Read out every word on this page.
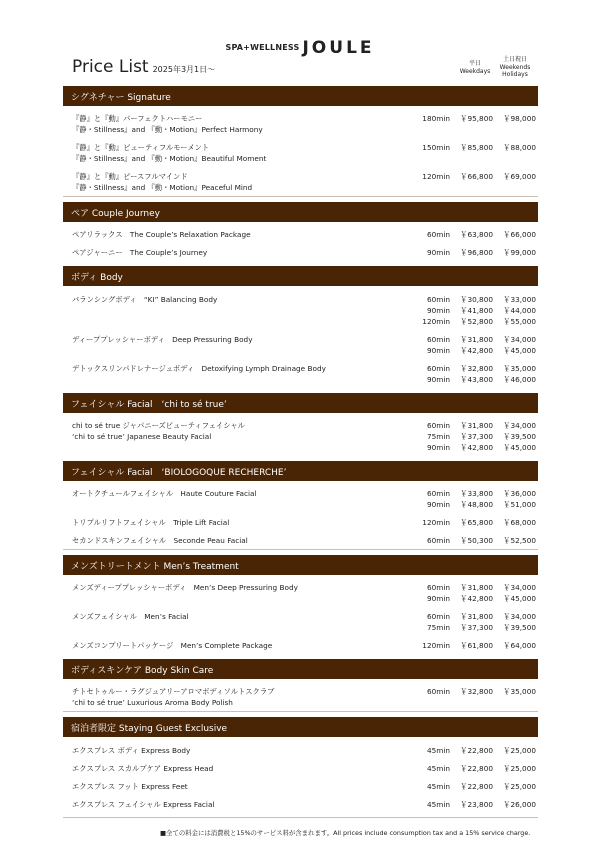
SPA+WELLNESS JOULE
Price List 2025年3月1日～
平日
Weekdays
土日祝日
Weekends
Holidays
シグネチャー Signature
『静』と『動』パーフェクトハーモニー
『静・Stillness』and 『動・Motion』Perfect Harmony
180min ￥95,800 ￥98,000
『静』と『動』ビューティフルモーメント
『静・Stillness』and 『動・Motion』Beautiful Moment
150min ￥85,800 ￥88,000
『静』と『動』ピースフルマインド
『静・Stillness』and 『動・Motion』Peaceful Mind
120min ￥66,800 ￥69,000
ペア Couple Journey
ペアリラックス　The Couple’s Relaxation Package	60min ￥63,800 ￥66,000
ペアジャーニー　The Couple’s Journey	90min ￥96,800 ￥99,000
ボディ Body
バランシングボディ　“KI” Balancing Body	60min ￥30,800 ￥33,000
90min ￥41,800 ￥44,000
120min ￥52,800 ￥55,000
ディーププレッシャーボディ　Deep Pressuring Body	60min ￥31,800 ￥34,000
90min ￥42,800 ￥45,000
デトックスリンパドレナージュボディ　Detoxifying Lymph Drainage Body	60min ￥32,800 ￥35,000
90min ￥43,800 ￥46,000
フェイシャル Facial　‘chi to sé true’
chi to sé true ジャパニーズビューティフェイシャル
‘chi to sé true’ Japanese Beauty Facial
60min ￥31,800 ￥34,000
75min ￥37,300 ￥39,500
90min ￥42,800 ￥45,000
フェイシャル Facial　‘BIOLOGOQUE RECHERCHE’
オートクチュールフェイシャル　Haute Couture Facial	60min ￥33,800 ￥36,000
90min ￥48,800 ￥51,000
トリプルリフトフェイシャル　Triple Lift Facial	120min ￥65,800 ￥68,000
セカンドスキンフェイシャル　Seconde Peau Facial	60min ￥50,300 ￥52,500
メンズトリートメント Men’s Treatment
メンズディーププレッシャーボディ　Men’s Deep Pressuring Body	60min ￥31,800 ￥34,000
90min ￥42,800 ￥45,000
メンズフェイシャル　Men’s Facial	60min ￥31,800 ￥34,000
75min ￥37,300 ￥39,500
メンズコンプリートパッケージ　Men’s Complete Package	120min ￥61,800 ￥64,000
ボディスキンケア Body Skin Care
チトセトゥルー・ラグジュアリーアロマボディソルトスクラブ
‘chi to sé true’ Luxurious Aroma Body Polish
60min ￥32,800 ￥35,000
宿泊者限定 Staying Guest Exclusive
エクスプレス ボディ Express Body	45min ￥22,800 ￥25,000
エクスプレス スカルプケア Express Head	45min ￥22,800 ￥25,000
エクスプレス フット Express Feet	45min ￥22,800 ￥25,000
エクスプレス フェイシャル Express Facial	45min ￥23,800 ￥26,000
■全ての料金には消費税と15%のサービス料が含まれます。All prices include consumption tax and a 15% service charge.
